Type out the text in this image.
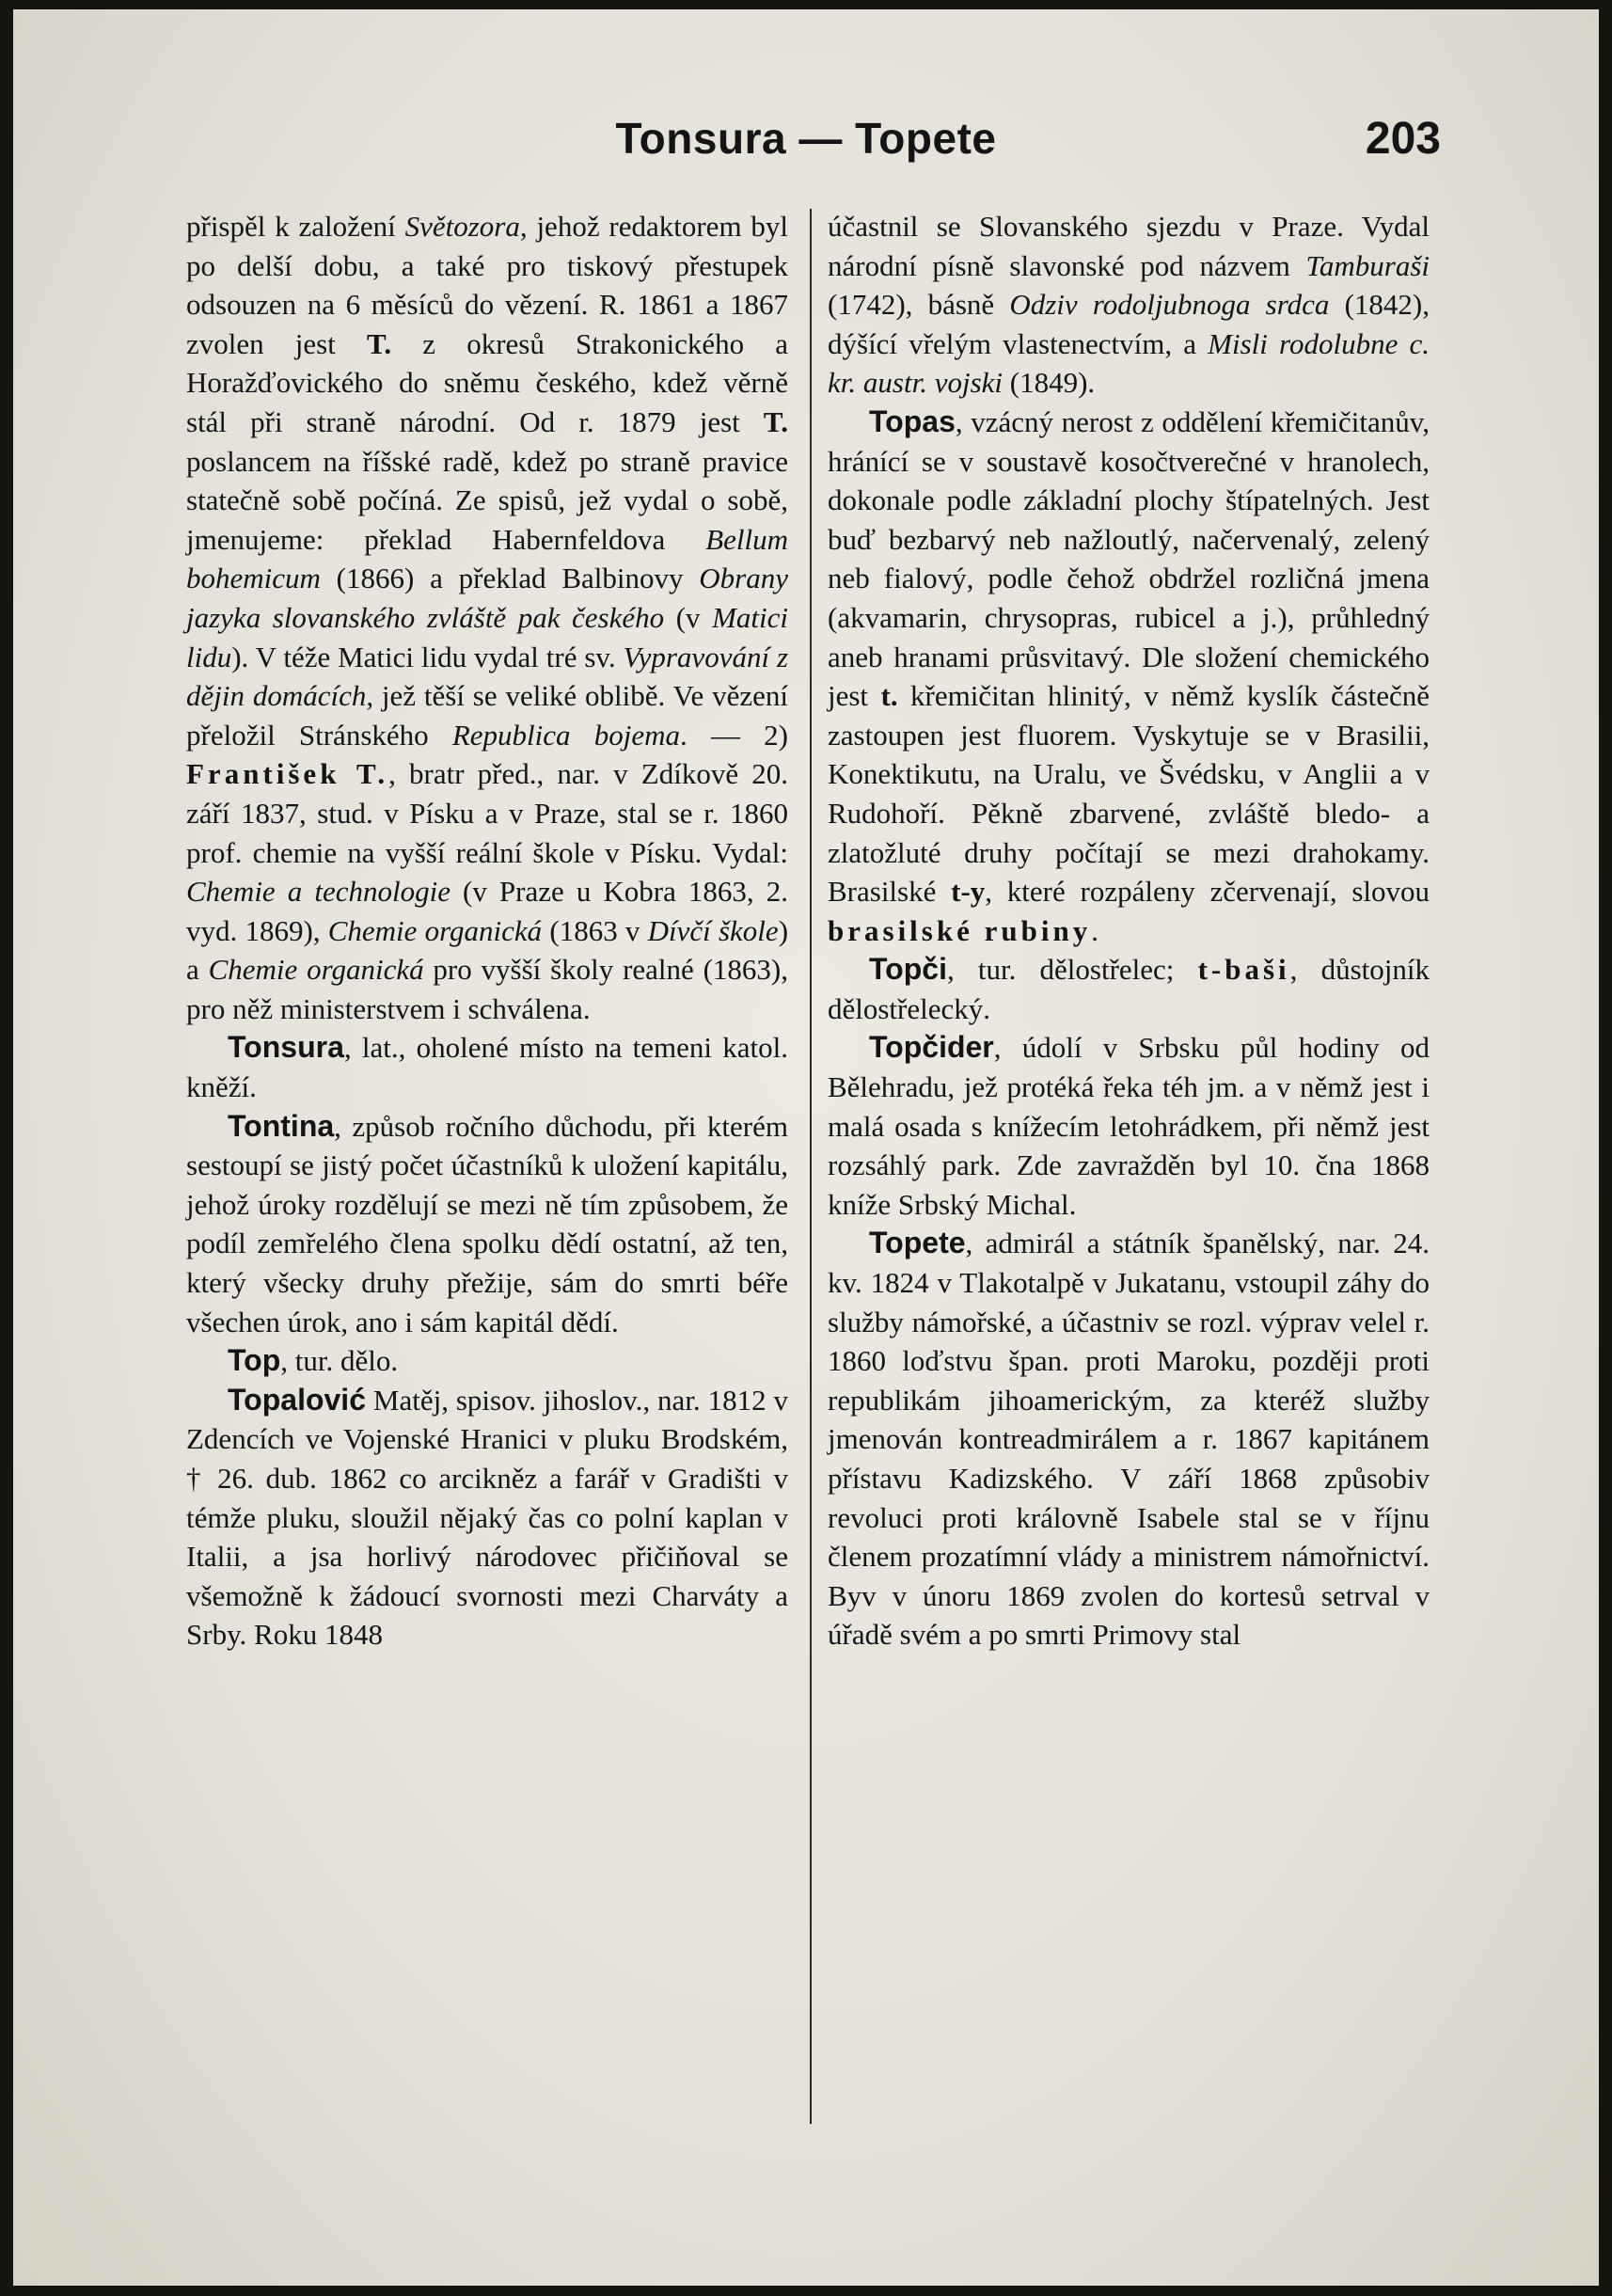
Tonsura — Topete	203

přispěl k založení Světozora, jehož redaktorem byl po delší dobu, a také pro tiskový přestupek odsouzen na 6 měsíců do vězení. R. 1861 a 1867 zvolen jest T. z okresů Strakonického a Horažďovického do sněmu českého, kdež věrně stál při straně národní. Od r. 1879 jest T. poslancem na říšské radě, kdež po straně pravice statečně sobě počíná. Ze spisů, jež vydal o sobě, jmenujeme: překlad Habernfeldova Bellum bohemicum (1866) a překlad Balbinovy Obrany jazyka slovanského zvláště pak českého (v Matici lidu). V téže Matici lidu vydal tré sv. Vypravování z dějin domácích, jež těší se veliké oblibě. Ve vězení přeložil Stránského Republica bojema. — 2) František T., bratr před., nar. v Zdíkově 20. září 1837, stud. v Písku a v Praze, stal se r. 1860 prof. chemie na vyšší reální škole v Písku. Vydal: Chemie a technologie (v Praze u Kobra 1863, 2. vyd. 1869), Chemie organická (1863 v Dívčí škole) a Chemie organická pro vyšší školy realné (1863), pro něž ministerstvem i schválena.

Tonsura, lat., oholené místo na temeni katol. kněží.

Tontina, způsob ročního důchodu, při kterém sestoupí se jistý počet účastníků k uložení kapitálu, jehož úroky rozdělují se mezi ně tím způsobem, že podíl zemřelého člena spolku dědí ostatní, až ten, který všecky druhy přežije, sám do smrti béře všechen úrok, ano i sám kapitál dědí.

Top, tur. dělo.

Topalović Matěj, spisov. jihoslov., nar. 1812 v Zdencích ve Vojenské Hranici v pluku Brodském, † 26. dub. 1862 co arcikněz a farář v Gradišti v témže pluku, sloužil nějaký čas co polní kaplan v Italii, a jsa horlivý národovec přičiňoval se všemožně k žádoucí svornosti mezi Charváty a Srby. Roku 1848

účastnil se Slovanského sjezdu v Praze. Vydal národní písně slavonské pod názvem Tamburaši (1742), básně Odziv rodoljubnoga srdca (1842), dýšící vřelým vlastenectvím, a Misli rodolubne c. kr. austr. vojski (1849).

Topas, vzácný nerost z oddělení křemičitanův, hránící se v soustavě kosočtverečné v hranolech, dokonale podle základní plochy štípatelných. Jest buď bezbarvý neb nažloutlý, načervenalý, zelený neb fialový, podle čehož obdržel rozličná jmena (akvamarin, chrysopras, rubicel a j.), průhledný aneb hranami průsvitavý. Dle složení chemického jest t. křemičitan hlinitý, v němž kyslík částečně zastoupen jest fluorem. Vyskytuje se v Brasilii, Konektikutu, na Uralu, ve Švédsku, v Anglii a v Rudohoří. Pěkně zbarvené, zvláště bledo- a zlatožluté druhy počítají se mezi drahokamy. Brasilské t-y, které rozpáleny zčervenají, slovou brasilské rubiny.

Topči, tur. dělostřelec; t-baši, důstojník dělostřelecký.

Topčider, údolí v Srbsku půl hodiny od Bělehradu, jež protéká řeka téh jm. a v němž jest i malá osada s knížecím letohrádkem, při němž jest rozsáhlý park. Zde zavražděn byl 10. čna 1868 kníže Srbský Michal.

Topete, admirál a státník španělský, nar. 24. kv. 1824 v Tlakotalpě v Jukatanu, vstoupil záhy do služby námořské, a účastniv se rozl. výprav velel r. 1860 loďstvu špan. proti Maroku, později proti republikám jihoamerickým, za kteréž služby jmenován kontreadmirálem a r. 1867 kapitánem přístavu Kadizského. V září 1868 způsobiv revoluci proti královně Isabele stal se v říjnu členem prozatímní vlády a ministrem námořnictví. Byv v únoru 1869 zvolen do kortesů setrval v úřadě svém a po smrti Primovy stal
